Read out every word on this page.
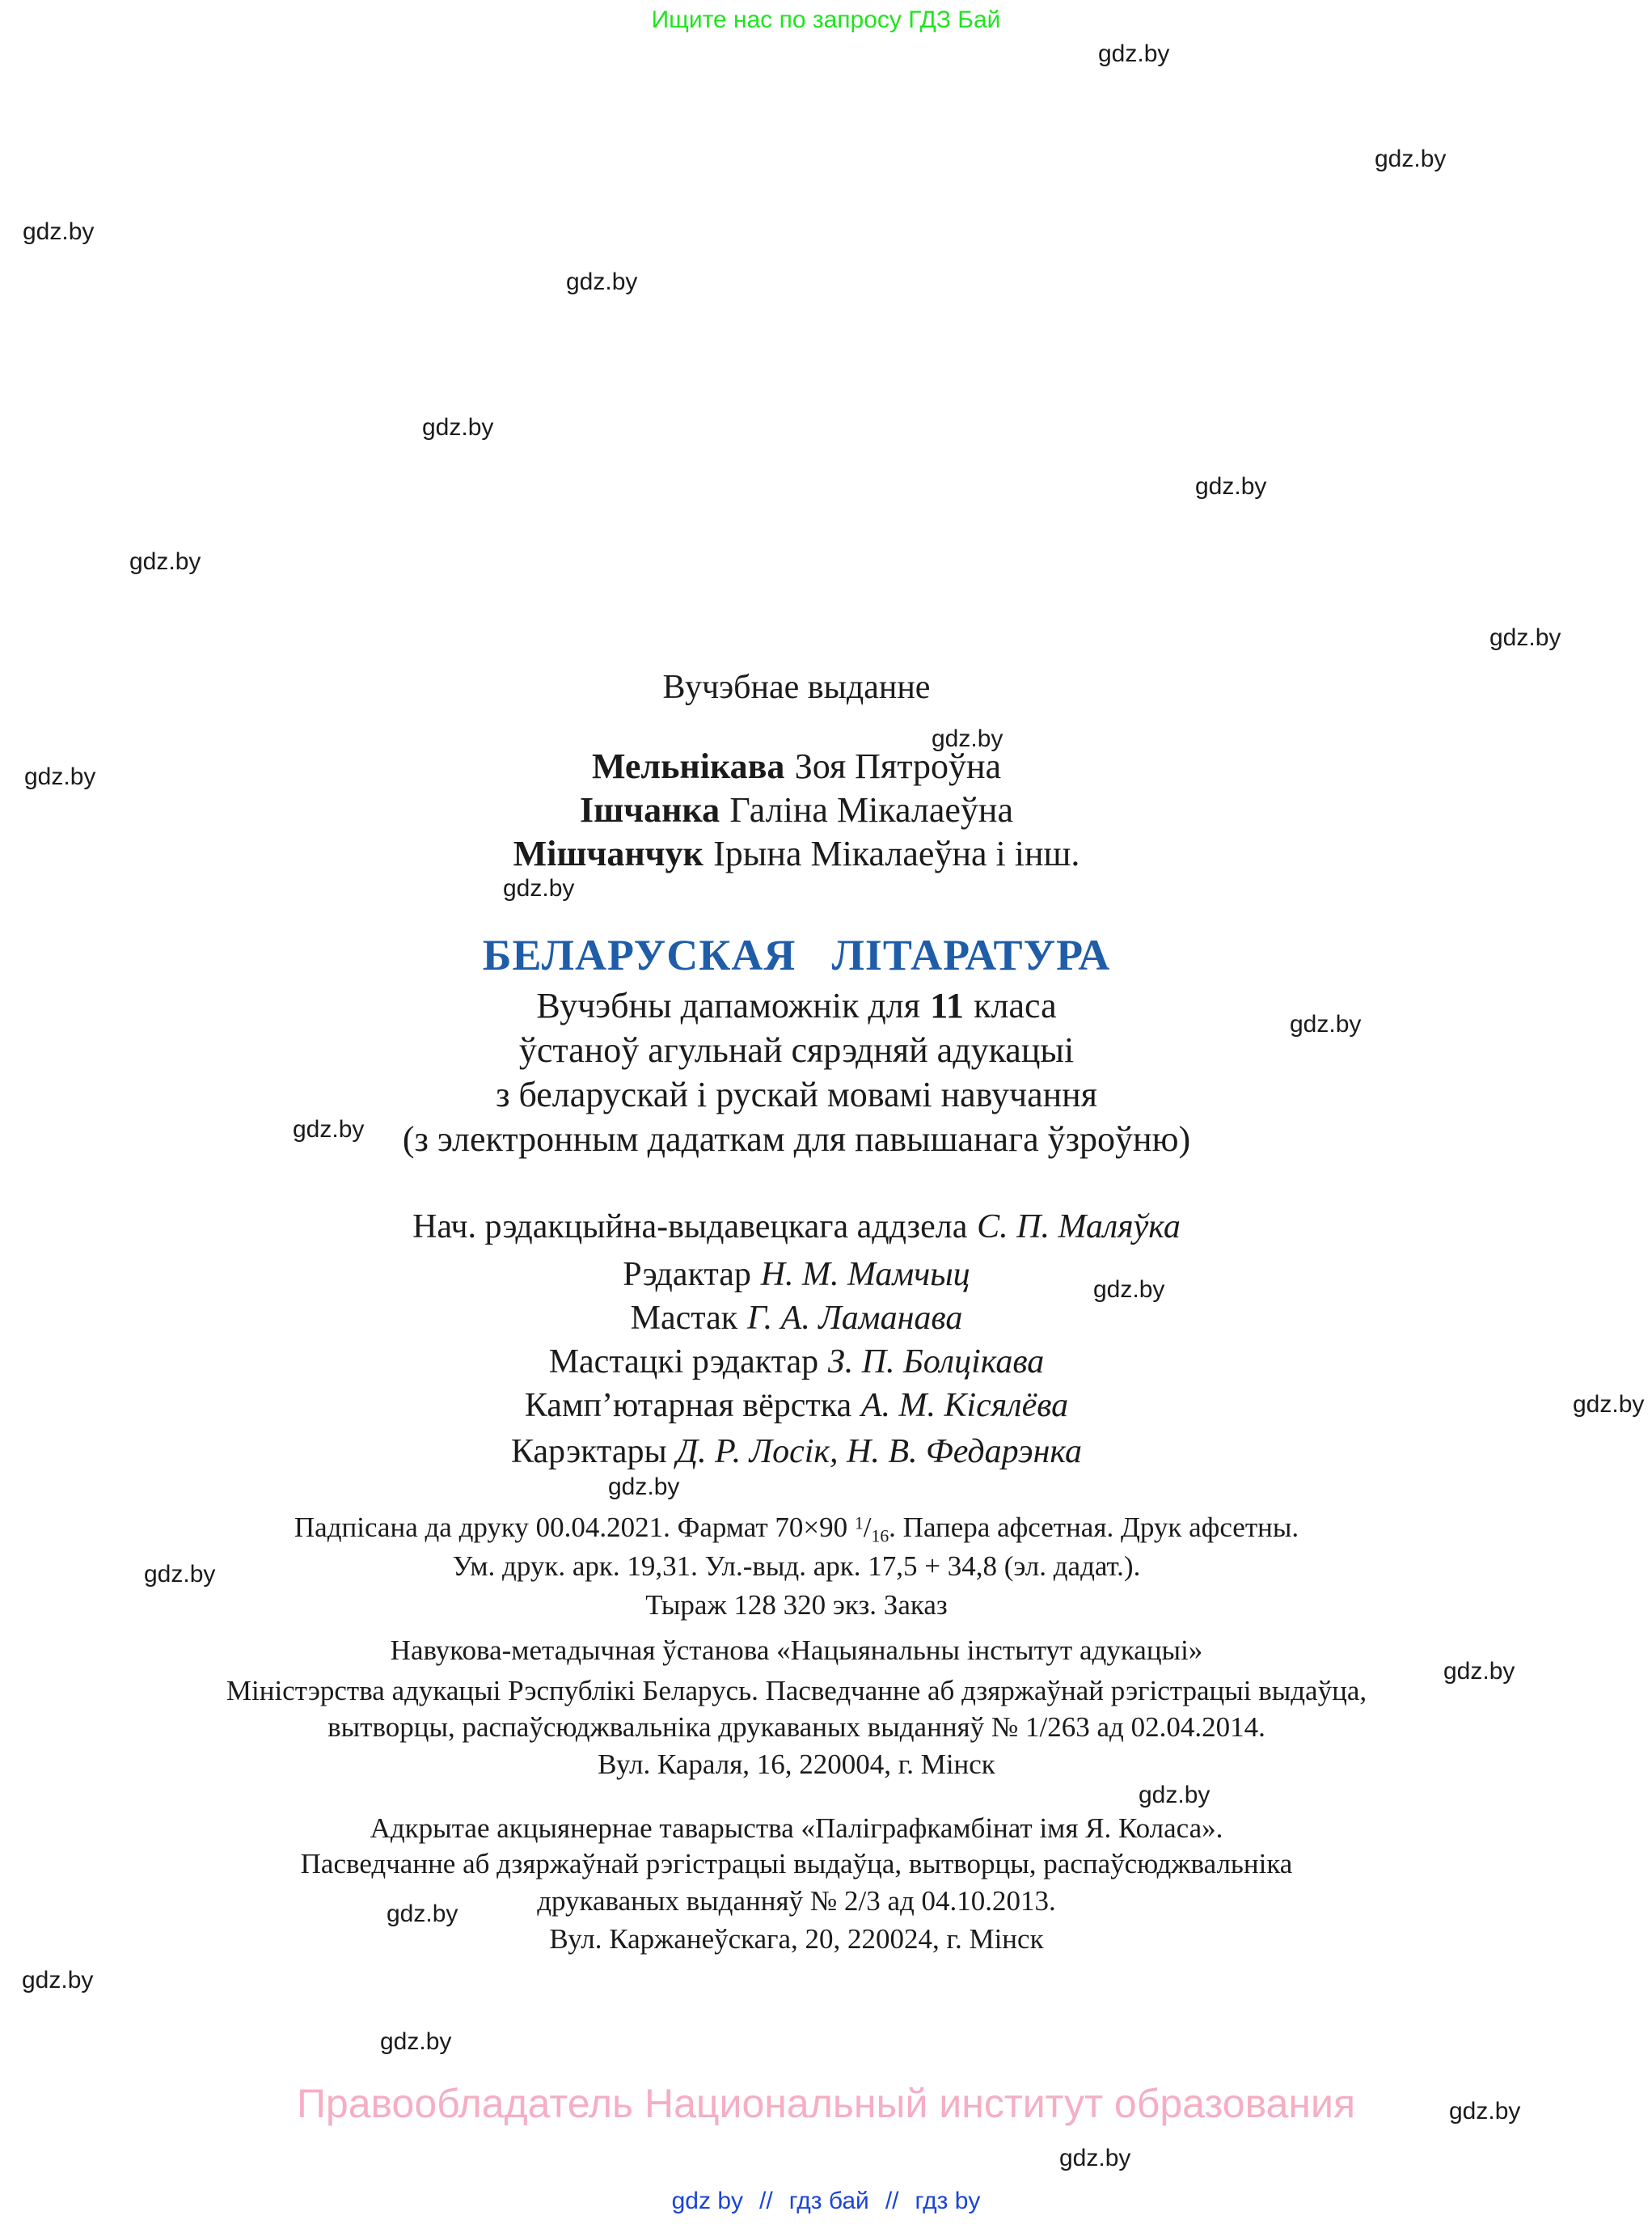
Ищите нас по запросу ГДЗ Бай
gdz.by
gdz.by
gdz.by
gdz.by
gdz.by
gdz.by
gdz.by
gdz.by
gdz.by
gdz.by
gdz.by
gdz.by
gdz.by
gdz.by
gdz.by
gdz.by
gdz.by
gdz.by
gdz.by
gdz.by
gdz.by
gdz.by
gdz.by
gdz.by
Вучэбнае выданне
Мельнікава Зоя Пятроўна
Ішчанка Галіна Мікалаеўна
Мішчанчук Ірына Мікалаеўна і інш.
БЕЛАРУСКАЯ ЛІТАРАТУРА
Вучэбны дапаможнік для 11 класа
ўстаноў агульнай сярэдняй адукацыі
з беларускай і рускай мовамі навучання
(з электронным дадаткам для павышанага ўзроўню)
Нач. рэдакцыйна-выдавецкага аддзела С. П. Маляўка
Рэдактар Н. М. Мамчыц
Мастак Г. А. Ламанава
Мастацкі рэдактар З. П. Болцікава
Камп’ютарная вёрстка А. М. Кісялёва
Карэктары Д. Р. Лосік, Н. В. Федарэнка
Падпісана да друку 00.04.2021. Фармат 70×90 $^1/_{16}$. Папера афсетная. Друк афсетны.
Ум. друк. арк. 19,31. Ул.-выд. арк. 17,5 + 34,8 (эл. дадат.).
Тыраж 128 320 экз. Заказ
Навукова-метадычная ўстанова «Нацыянальны інстытут адукацыі»
Міністэрства адукацыі Рэспублікі Беларусь. Пасведчанне аб дзяржаўнай рэгістрацыі выдаўца,
вытворцы, распаўсюджвальніка друкаваных выданняў № 1/263 ад 02.04.2014.
Вул. Караля, 16, 220004, г. Мінск
Адкрытае акцыянернае таварыства «Паліграфкамбінат імя Я. Коласа».
Пасведчанне аб дзяржаўнай рэгістрацыі выдаўца, вытворцы, распаўсюджвальніка
друкаваных выданняў № 2/3 ад 04.10.2013.
Вул. Каржанеўскага, 20, 220024, г. Мінск
Правообладатель Национальный институт образования
gdz by // гдз бай // гдз by
